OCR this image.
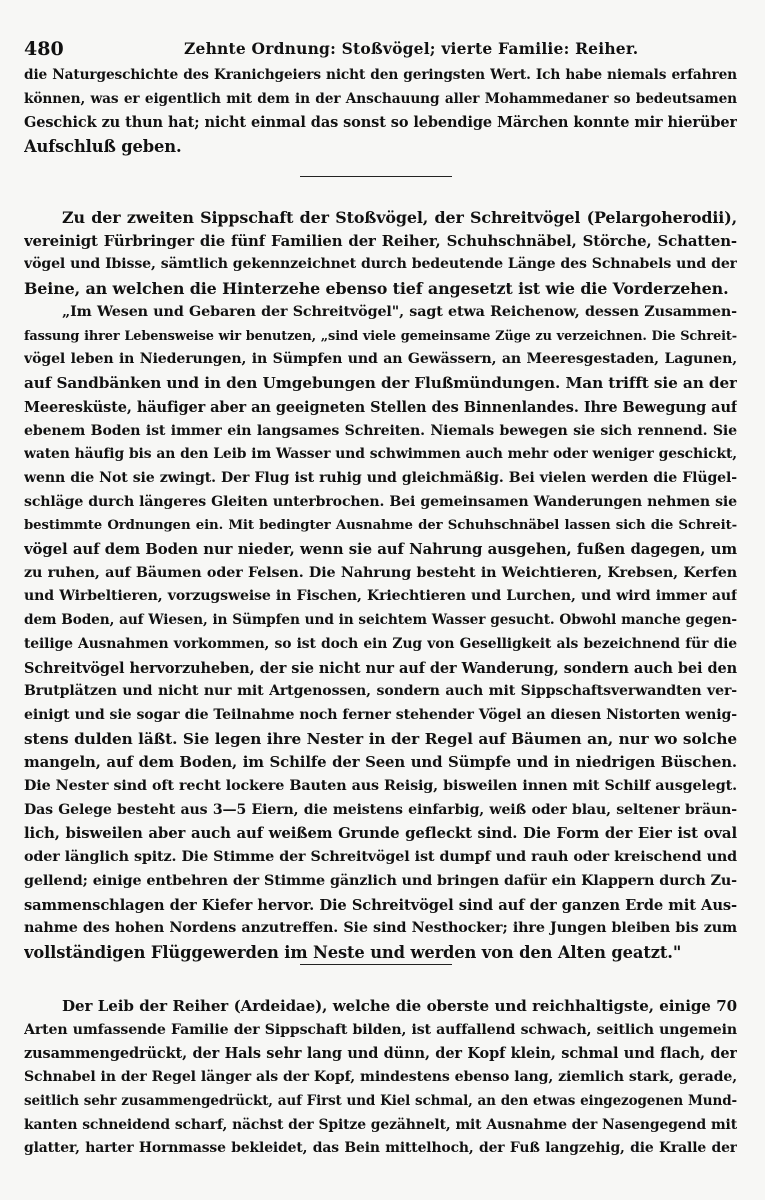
480	Zehnte Ordnung: Stoßvögel; vierte Familie: Reiher.
die Naturgeschichte des Kranichgeiers nicht den geringsten Wert. Ich habe niemals erfahren
können, was er eigentlich mit dem in der Anschauung aller Mohammedaner so bedeutsamen
Geschick zu thun hat; nicht einmal das sonst so lebendige Märchen konnte mir hierüber
Aufschluß geben.
Zu der zweiten Sippschaft der Stoßvögel, der Schreitvögel (Pelargoherodii),
vereinigt Fürbringer die fünf Familien der Reiher, Schuhschnäbel, Störche, Schatten-
vögel und Ibisse, sämtlich gekennzeichnet durch bedeutende Länge des Schnabels und der
Beine, an welchen die Hinterzehe ebenso tief angesetzt ist wie die Vorderzehen.
„Im Wesen und Gebaren der Schreitvögel", sagt etwa Reichenow, dessen Zusammen-
fassung ihrer Lebensweise wir benutzen, „sind viele gemeinsame Züge zu verzeichnen. Die Schreit-
vögel leben in Niederungen, in Sümpfen und an Gewässern, an Meeresgestaden, Lagunen,
auf Sandbänken und in den Umgebungen der Flußmündungen. Man trifft sie an der
Meeresküste, häufiger aber an geeigneten Stellen des Binnenlandes. Ihre Bewegung auf
ebenem Boden ist immer ein langsames Schreiten. Niemals bewegen sie sich rennend. Sie
waten häufig bis an den Leib im Wasser und schwimmen auch mehr oder weniger geschickt,
wenn die Not sie zwingt. Der Flug ist ruhig und gleichmäßig. Bei vielen werden die Flügel-
schläge durch längeres Gleiten unterbrochen. Bei gemeinsamen Wanderungen nehmen sie
bestimmte Ordnungen ein. Mit bedingter Ausnahme der Schuhschnäbel lassen sich die Schreit-
vögel auf dem Boden nur nieder, wenn sie auf Nahrung ausgehen, fußen dagegen, um
zu ruhen, auf Bäumen oder Felsen. Die Nahrung besteht in Weichtieren, Krebsen, Kerfen
und Wirbeltieren, vorzugsweise in Fischen, Kriechtieren und Lurchen, und wird immer auf
dem Boden, auf Wiesen, in Sümpfen und in seichtem Wasser gesucht. Obwohl manche gegen-
teilige Ausnahmen vorkommen, so ist doch ein Zug von Geselligkeit als bezeichnend für die
Schreitvögel hervorzuheben, der sie nicht nur auf der Wanderung, sondern auch bei den
Brutplätzen und nicht nur mit Artgenossen, sondern auch mit Sippschaftsverwandten ver-
einigt und sie sogar die Teilnahme noch ferner stehender Vögel an diesen Nistorten wenig-
stens dulden läßt. Sie legen ihre Nester in der Regel auf Bäumen an, nur wo solche
mangeln, auf dem Boden, im Schilfe der Seen und Sümpfe und in niedrigen Büschen.
Die Nester sind oft recht lockere Bauten aus Reisig, bisweilen innen mit Schilf ausgelegt.
Das Gelege besteht aus 3—5 Eiern, die meistens einfarbig, weiß oder blau, seltener bräun-
lich, bisweilen aber auch auf weißem Grunde gefleckt sind. Die Form der Eier ist oval
oder länglich spitz. Die Stimme der Schreitvögel ist dumpf und rauh oder kreischend und
gellend; einige entbehren der Stimme gänzlich und bringen dafür ein Klappern durch Zu-
sammenschlagen der Kiefer hervor. Die Schreitvögel sind auf der ganzen Erde mit Aus-
nahme des hohen Nordens anzutreffen. Sie sind Nesthocker; ihre Jungen bleiben bis zum
vollständigen Flüggewerden im Neste und werden von den Alten geatzt."
Der Leib der Reiher (Ardeidae), welche die oberste und reichhaltigste, einige 70
Arten umfassende Familie der Sippschaft bilden, ist auffallend schwach, seitlich ungemein
zusammengedrückt, der Hals sehr lang und dünn, der Kopf klein, schmal und flach, der
Schnabel in der Regel länger als der Kopf, mindestens ebenso lang, ziemlich stark, gerade,
seitlich sehr zusammengedrückt, auf First und Kiel schmal, an den etwas eingezogenen Mund-
kanten schneidend scharf, nächst der Spitze gezähnelt, mit Ausnahme der Nasengegend mit
glatter, harter Hornmasse bekleidet, das Bein mittelhoch, der Fuß langzehig, die Kralle der
